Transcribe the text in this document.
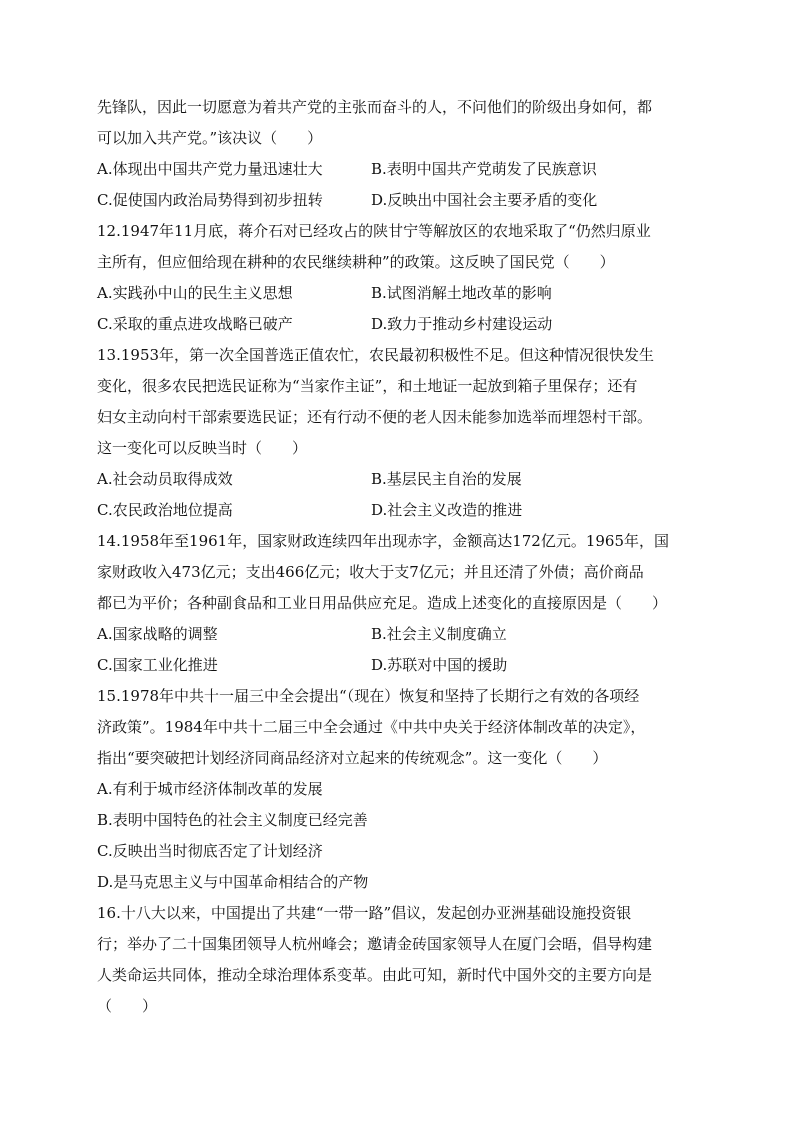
先锋队，因此一切愿意为着共产党的主张而奋斗的人，不问他们的阶级出身如何，都
可以加入共产党。”该决议（　　）
A.体现出中国共产党力量迅速壮大	B.表明中国共产党萌发了民族意识
C.促使国内政治局势得到初步扭转	D.反映出中国社会主要矛盾的变化
12.1947年11月底，蒋介石对已经攻占的陕甘宁等解放区的农地采取了“仍然归原业
主所有，但应佃给现在耕种的农民继续耕种”的政策。这反映了国民党（　　）
A.实践孙中山的民生主义思想	B.试图消解土地改革的影响
C.采取的重点进攻战略已破产	D.致力于推动乡村建设运动
13.1953年，第一次全国普选正值农忙，农民最初积极性不足。但这种情况很快发生
变化，很多农民把选民证称为“当家作主证”，和土地证一起放到箱子里保存；还有
妇女主动向村干部索要选民证；还有行动不便的老人因未能参加选举而埋怨村干部。
这一变化可以反映当时（　　）
A.社会动员取得成效	B.基层民主自治的发展
C.农民政治地位提高	D.社会主义改造的推进
14.1958年至1961年，国家财政连续四年出现赤字，金额高达172亿元。1965年，国
家财政收入473亿元；支出466亿元；收大于支7亿元；并且还清了外债；高价商品
都已为平价；各种副食品和工业日用品供应充足。造成上述变化的直接原因是（　　）
A.国家战略的调整	B.社会主义制度确立
C.国家工业化推进	D.苏联对中国的援助
15.1978年中共十一届三中全会提出“（现在）恢复和坚持了长期行之有效的各项经
济政策”。1984年中共十二届三中全会通过《中共中央关于经济体制改革的决定》，
指出“要突破把计划经济同商品经济对立起来的传统观念”。这一变化（　　）
A.有利于城市经济体制改革的发展
B.表明中国特色的社会主义制度已经完善
C.反映出当时彻底否定了计划经济
D.是马克思主义与中国革命相结合的产物
16.十八大以来，中国提出了共建“一带一路”倡议，发起创办亚洲基础设施投资银
行；举办了二十国集团领导人杭州峰会；邀请金砖国家领导人在厦门会晤，倡导构建
人类命运共同体，推动全球治理体系变革。由此可知，新时代中国外交的主要方向是
（　　）
